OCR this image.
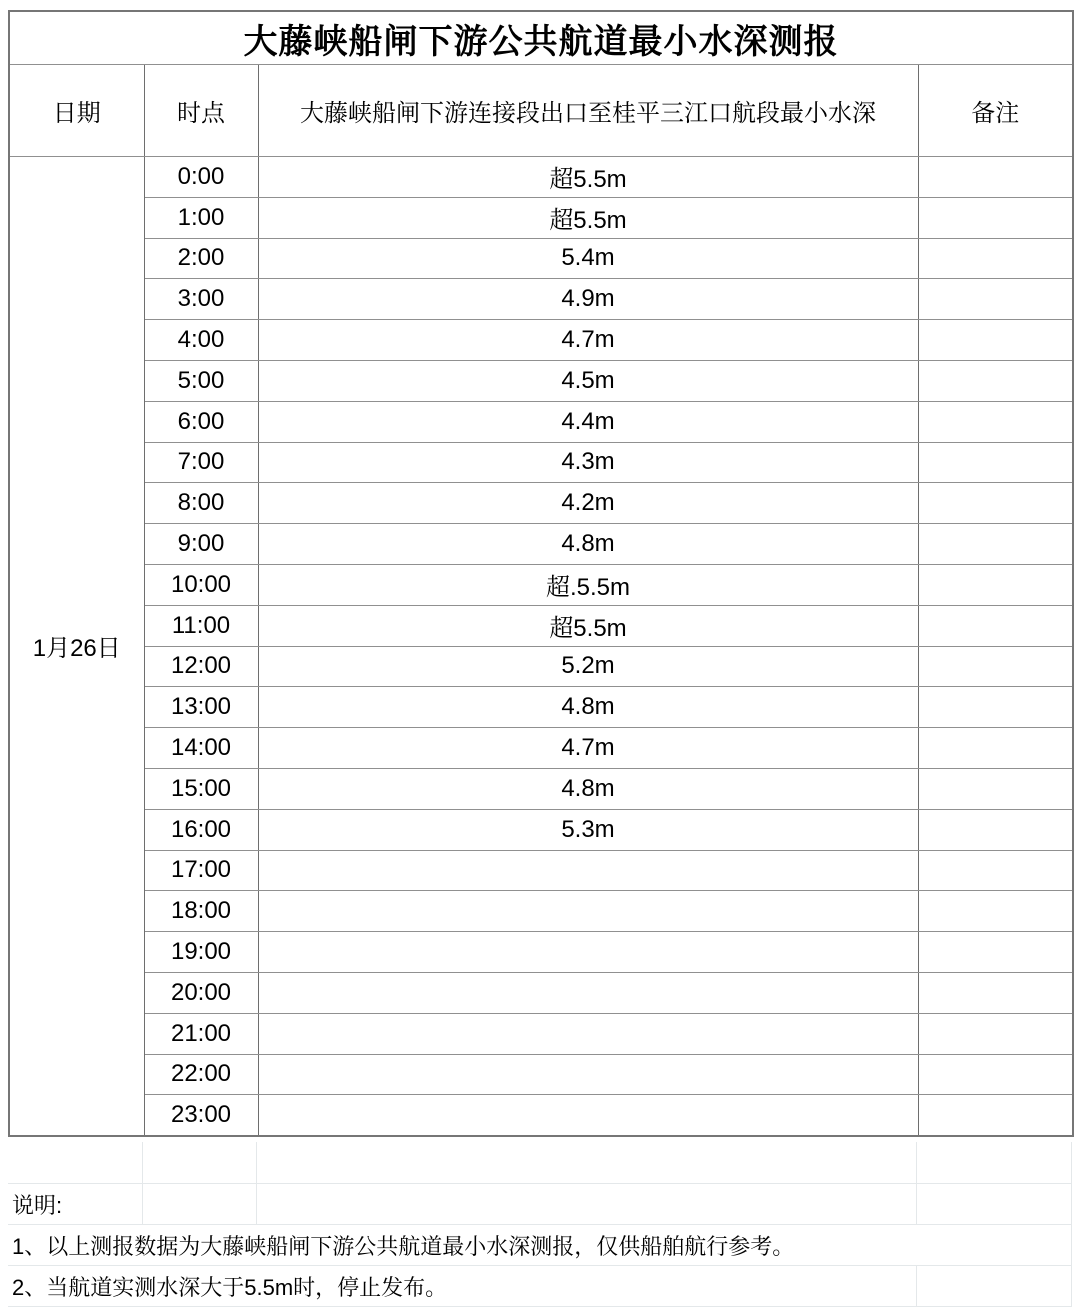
大藤峡船闸下游公共航道最小水深测报			
日期	时点	大藤峡船闸下游连接段出口至桂平三江口航段最小水深	备注
1月26日	0:00	超5.5m	
	1:00	超5.5m	
	2:00	5.4m	
	3:00	4.9m	
	4:00	4.7m	
	5:00	4.5m	
	6:00	4.4m	
	7:00	4.3m	
	8:00	4.2m	
	9:00	4.8m	
	10:00	超.5.5m	
	11:00	超5.5m	
	12:00	5.2m	
	13:00	4.8m	
	14:00	4.7m	
	15:00	4.8m	
	16:00	5.3m	
	17:00		
	18:00		
	19:00		
	20:00		
	21:00		
	22:00		
	23:00		
说明:
1、以上测报数据为大藤峡船闸下游公共航道最小水深测报，仅供船舶航行参考。
2、当航道实测水深大于5.5m时，停止发布。
